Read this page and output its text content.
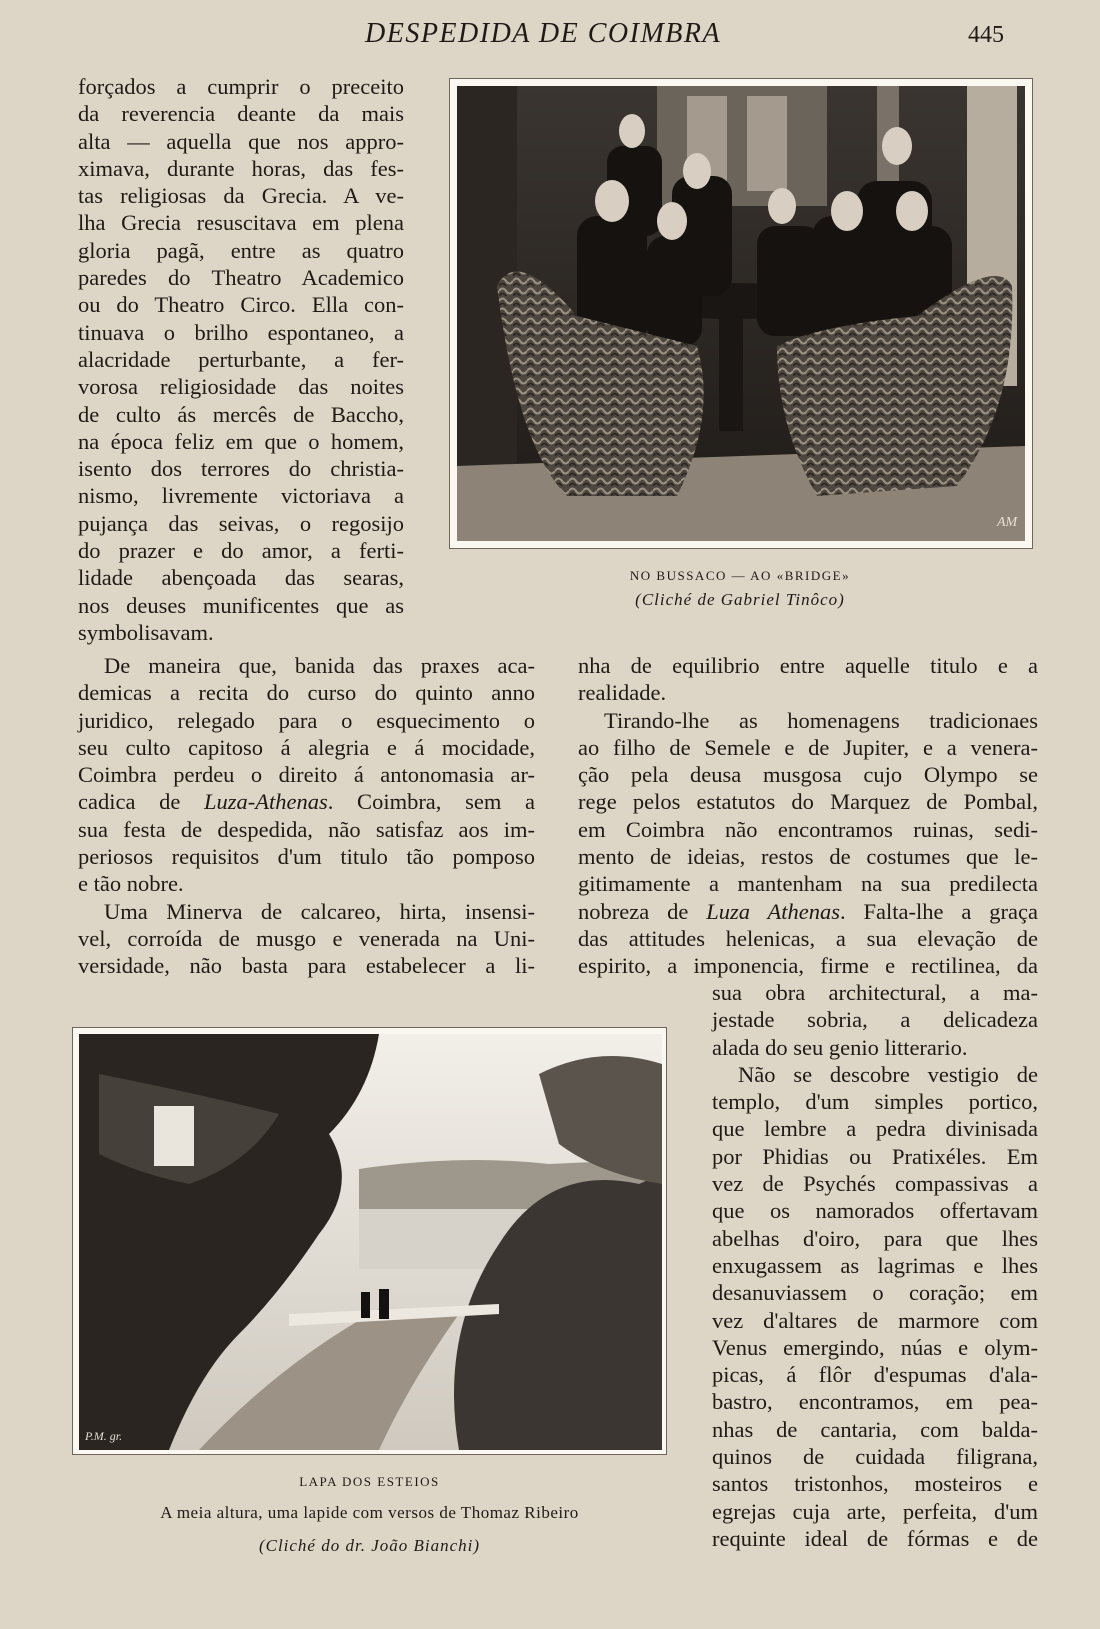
DESPEDIDA DE COIMBRA	445
forçados a cumprir o preceito
da reverencia deante da mais
alta — aquella que nos appro-
ximava, durante horas, das fes-
tas religiosas da Grecia. A ve-
lha Grecia resuscitava em plena
gloria pagã, entre as quatro
paredes do Theatro Academico
ou do Theatro Circo. Ella con-
tinuava o brilho espontaneo, a
alacridade perturbante, a fer-
vorosa religiosidade das noites
de culto ás mercês de Baccho,
na época feliz em que o homem,
isento dos terrores do christia-
nismo, livremente victoriava a
pujança das seivas, o regosijo
do prazer e do amor, a ferti-
lidade abençoada das searas,
nos deuses munificentes que as
symbolisavam.
AM
NO BUSSACO — AO «BRIDGE»
(Cliché de Gabriel Tinôco)
De maneira que, banida das praxes aca-
demicas a recita do curso do quinto anno
juridico, relegado para o esquecimento o
seu culto capitoso á alegria e á mocidade,
Coimbra perdeu o direito á antonomasia ar-
cadica de Luza-Athenas. Coimbra, sem a
sua festa de despedida, não satisfaz aos im-
periosos requisitos d'um titulo tão pomposo
e tão nobre.
Uma Minerva de calcareo, hirta, insensi-
vel, corroída de musgo e venerada na Uni-
versidade, não basta para estabelecer a li-
nha de equilibrio entre aquelle titulo e a
realidade.
Tirando-lhe as homenagens tradicionaes
ao filho de Semele e de Jupiter, e a venera-
ção pela deusa musgosa cujo Olympo se
rege pelos estatutos do Marquez de Pombal,
em Coimbra não encontramos ruinas, sedi-
mento de ideias, restos de costumes que le-
gitimamente a mantenham na sua predilecta
nobreza de Luza Athenas. Falta-lhe a graça
das attitudes helenicas, a sua elevação de
espirito, a imponencia, firme e rectilinea, da
sua obra architectural, a ma-
jestade sobria, a delicadeza
alada do seu genio litterario.
Não se descobre vestigio de
templo, d'um simples portico,
que lembre a pedra divinisada
por Phidias ou Pratixéles. Em
vez de Psychés compassivas a
que os namorados offertavam
abelhas d'oiro, para que lhes
enxugassem as lagrimas e lhes
desanuviassem o coração; em
vez d'altares de marmore com
Venus emergindo, núas e olym-
picas, á flôr d'espumas d'ala-
bastro, encontramos, em pea-
nhas de cantaria, com balda-
quinos de cuidada filigrana,
santos tristonhos, mosteiros e
egrejas cuja arte, perfeita, d'um
requinte ideal de fórmas e de
P.M. gr.
LAPA DOS ESTEIOS
A meia altura, uma lapide com versos de Thomaz Ribeiro
(Cliché do dr. João Bianchi)
